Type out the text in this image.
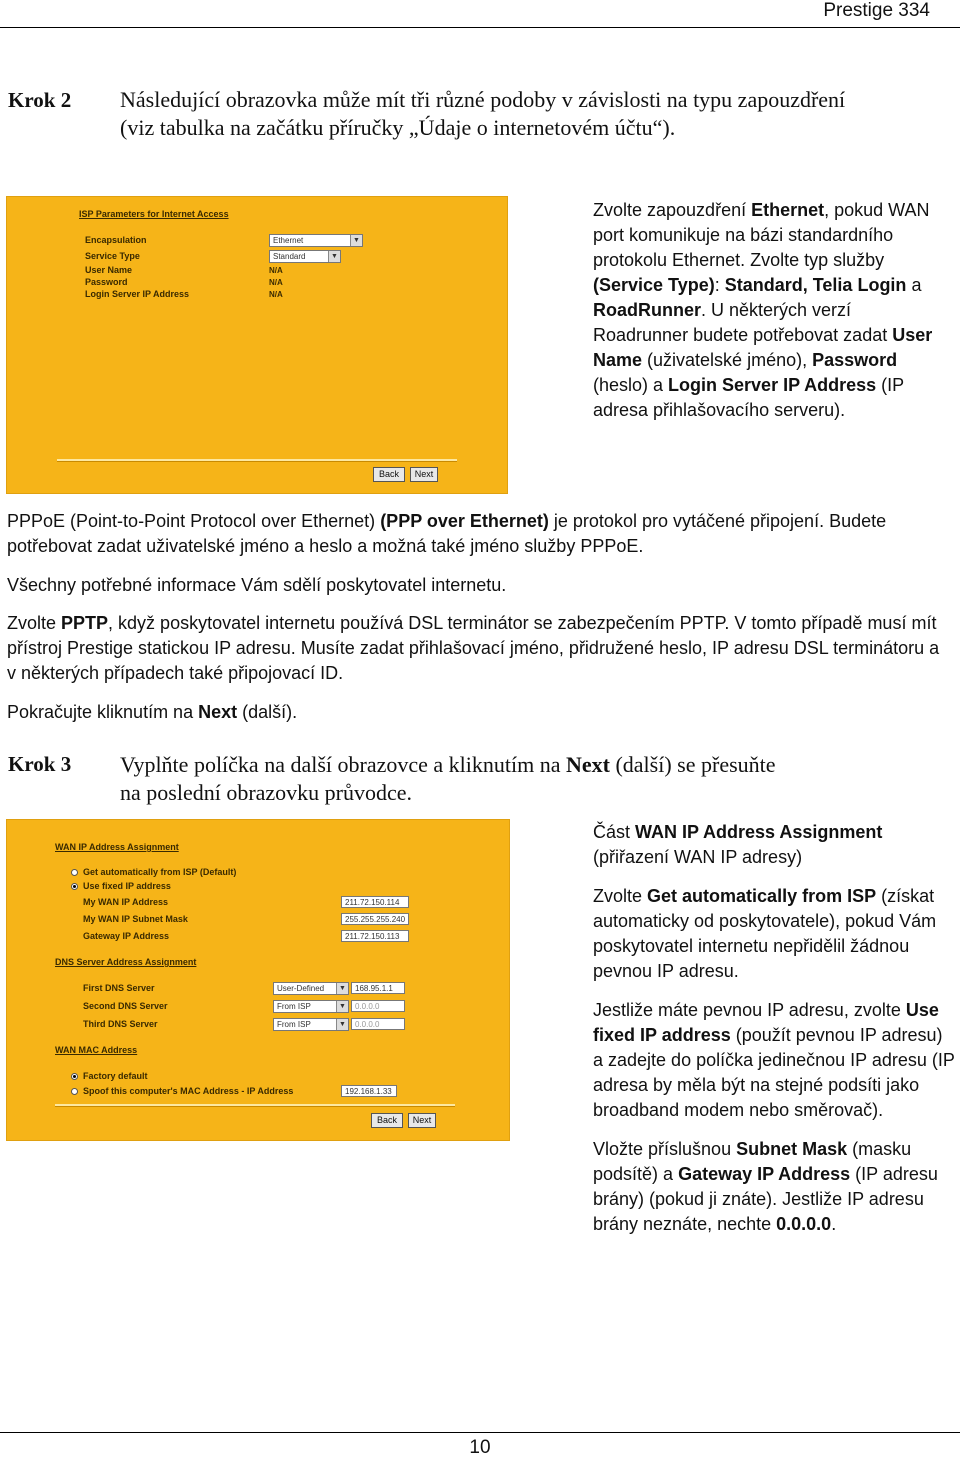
Prestige 334
Krok 2 Následující obrazovka může mít tři různé podoby v závislosti na typu zapouzdření
(viz tabulka na začátku příručky „Údaje o internetovém účtu“).
ISP Parameters for Internet Access
Encapsulation	Ethernet	▼
Service Type	Standard	▼
User Name	N/A
Password	N/A
Login Server IP Address	N/A
Back	Next
Zvolte zapouzdření Ethernet, pokud WAN port komunikuje na bázi standardního protokolu Ethernet. Zvolte typ služby (Service Type): Standard, Telia Login a RoadRunner. U některých verzí Roadrunner budete potřebovat zadat User Name (uživatelské jméno), Password (heslo) a Login Server IP Address (IP adresa přihlašovacího serveru).
PPPoE (Point-to-Point Protocol over Ethernet) (PPP over Ethernet) je protokol pro vytáčené připojení. Budete potřebovat zadat uživatelské jméno a heslo a možná také jméno služby PPPoE.
Všechny potřebné informace Vám sdělí poskytovatel internetu.
Zvolte PPTP, když poskytovatel internetu používá DSL terminátor se zabezpečením PPTP. V tomto případě musí mít přístroj Prestige statickou IP adresu. Musíte zadat přihlašovací jméno, přidružené heslo, IP adresu DSL terminátoru a v některých případech také připojovací ID.
Pokračujte kliknutím na Next (další).
Krok 3 Vyplňte políčka na další obrazovce a kliknutím na Next (další) se přesuňte
na poslední obrazovku průvodce.
WAN IP Address Assignment
Get automatically from ISP (Default)
Use fixed IP address
My WAN IP Address	211.72.150.114
My WAN IP Subnet Mask	255.255.255.240
Gateway IP Address	211.72.150.113
DNS Server Address Assignment
First DNS Server	User-Defined	▼	168.95.1.1
Second DNS Server	From ISP	▼	0.0.0.0
Third DNS Server	From ISP	▼	0.0.0.0
WAN MAC Address
Factory default
Spoof this computer's MAC Address - IP Address	192.168.1.33
Back	Next
Část WAN IP Address Assignment (přiřazení WAN IP adresy)
Zvolte Get automatically from ISP (získat automaticky od poskytovatele), pokud Vám poskytovatel internetu nepřidělil žádnou pevnou IP adresu.
Jestliže máte pevnou IP adresu, zvolte Use fixed IP address (použít pevnou IP adresu) a zadejte do políčka jedinečnou IP adresu (IP adresa by měla být na stejné podsíti jako broadband modem nebo směrovač).
Vložte příslušnou Subnet Mask (masku podsítě) a Gateway IP Address (IP adresu brány) (pokud ji znáte). Jestliže IP adresu brány neznáte, nechte 0.0.0.0.
10
